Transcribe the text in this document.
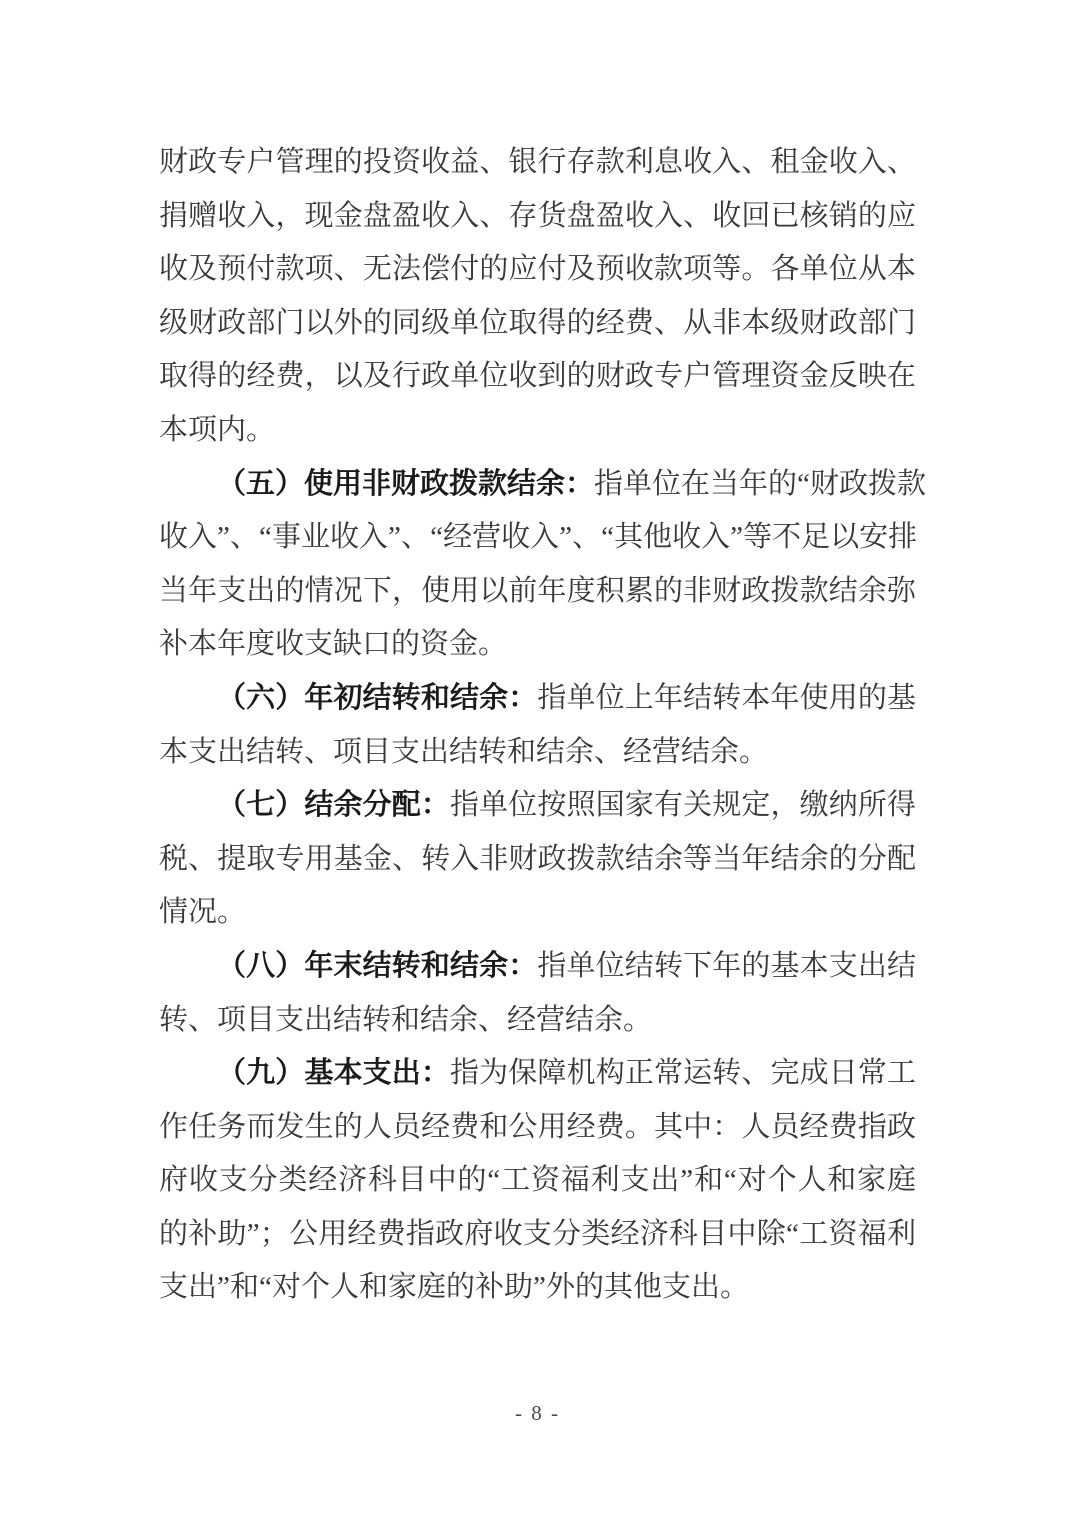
财政专户管理的投资收益、银行存款利息收入、租金收入、
捐赠收入，现金盘盈收入、存货盘盈收入、收回已核销的应
收及预付款项、无法偿付的应付及预收款项等。各单位从本
级财政部门以外的同级单位取得的经费、从非本级财政部门
取得的经费，以及行政单位收到的财政专户管理资金反映在
本项内。
（五）使用非财政拨款结余：指单位在当年的“财政拨款
收入”、“事业收入”、“经营收入”、“其他收入”等不足以安排
当年支出的情况下，使用以前年度积累的非财政拨款结余弥
补本年度收支缺口的资金。
（六）年初结转和结余：指单位上年结转本年使用的基
本支出结转、项目支出结转和结余、经营结余。
（七）结余分配：指单位按照国家有关规定，缴纳所得
税、提取专用基金、转入非财政拨款结余等当年结余的分配
情况。
（八）年末结转和结余：指单位结转下年的基本支出结
转、项目支出结转和结余、经营结余。
（九）基本支出：指为保障机构正常运转、完成日常工
作任务而发生的人员经费和公用经费。其中：人员经费指政
府收支分类经济科目中的“工资福利支出”和“对个人和家庭
的补助”；公用经费指政府收支分类经济科目中除“工资福利
支出”和“对个人和家庭的补助”外的其他支出。
- 8 -
